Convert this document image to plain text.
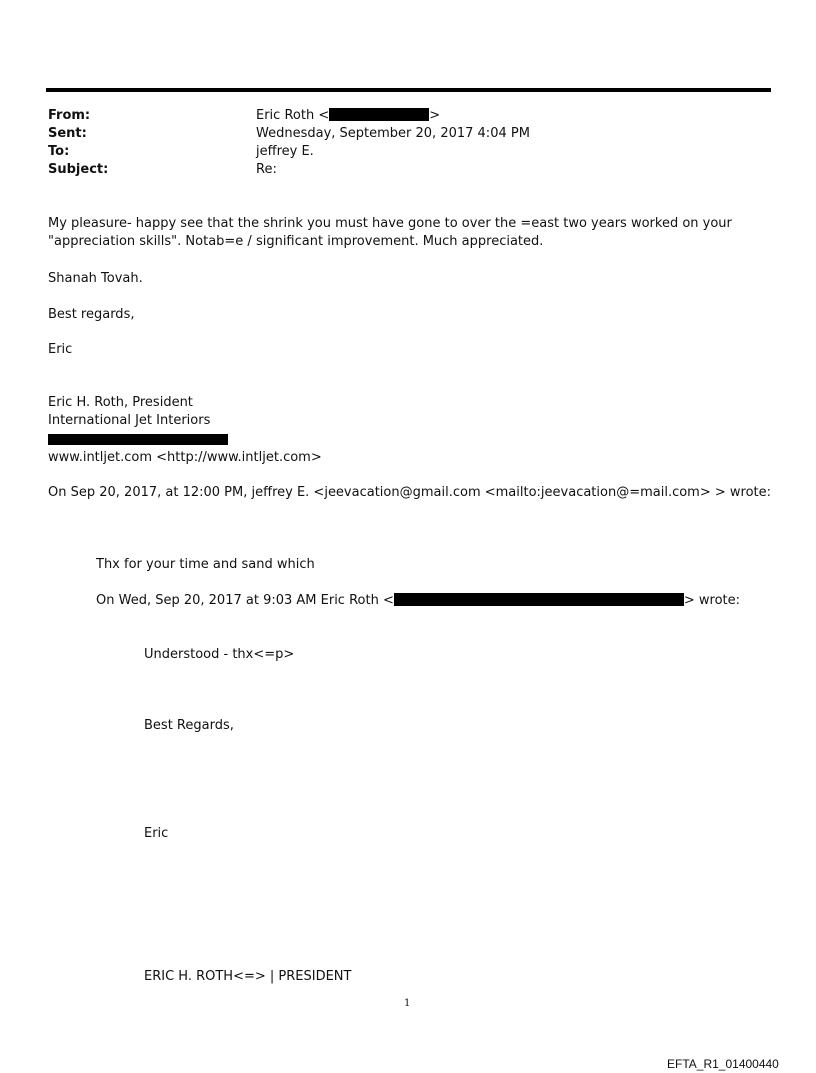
From:	Eric Roth <	>
Sent:	Wednesday, September 20, 2017 4:04 PM
To:	jeffrey E.
Subject:	Re:
My pleasure- happy see that the shrink you must have gone to over the =east two years worked on your "appreciation skills". Notab=e / significant improvement. Much appreciated.
Shanah Tovah.
Best regards,
Eric
Eric H. Roth, President
International Jet Interiors
www.intljet.com <http://www.intljet.com>
On Sep 20, 2017, at 12:00 PM, jeffrey E. <jeevacation@gmail.com <mailto:jeevacation@=mail.com> > wrote:
Thx for your time and sand which
On Wed, Sep 20, 2017 at 9:03 AM Eric Roth <	> wrote:
Understood - thx<=p>
Best Regards,
Eric
ERIC H. ROTH<=> | PRESIDENT
1
EFTA_R1_01400440
